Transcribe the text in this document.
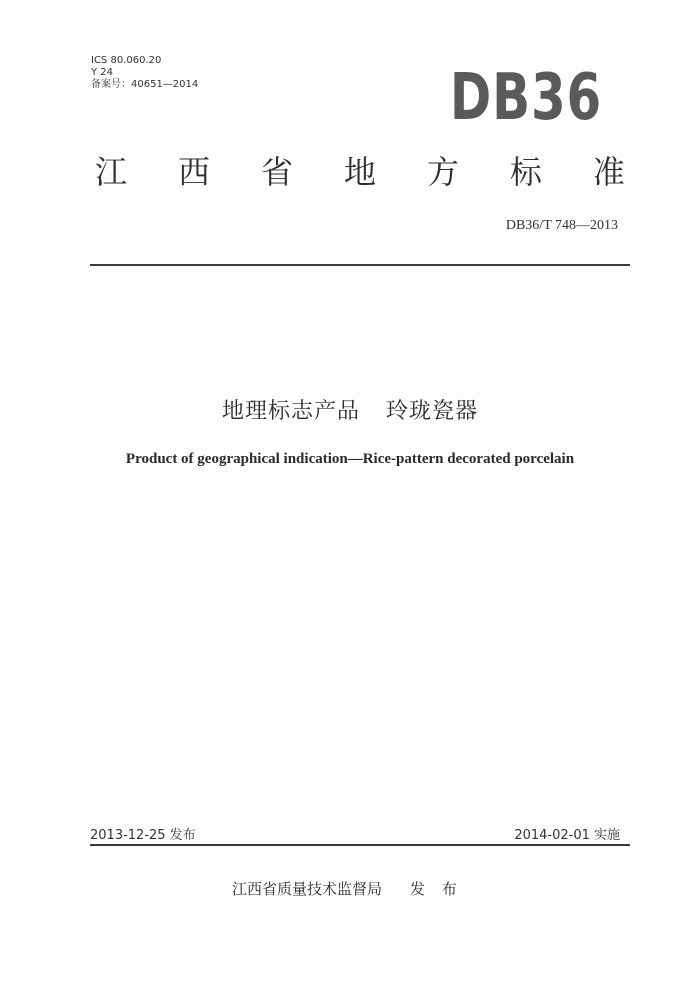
ICS 80.060.20
Y 24
备案号：40651—2014	DB36
江 西 省 地 方 标 准
DB36/T 748—2013
地理标志产品 玲珑瓷器
Product of geographical indication—Rice-pattern decorated porcelain
2013-12-25 发布	2014-02-01 实施
江西省质量技术监督局 发 布
